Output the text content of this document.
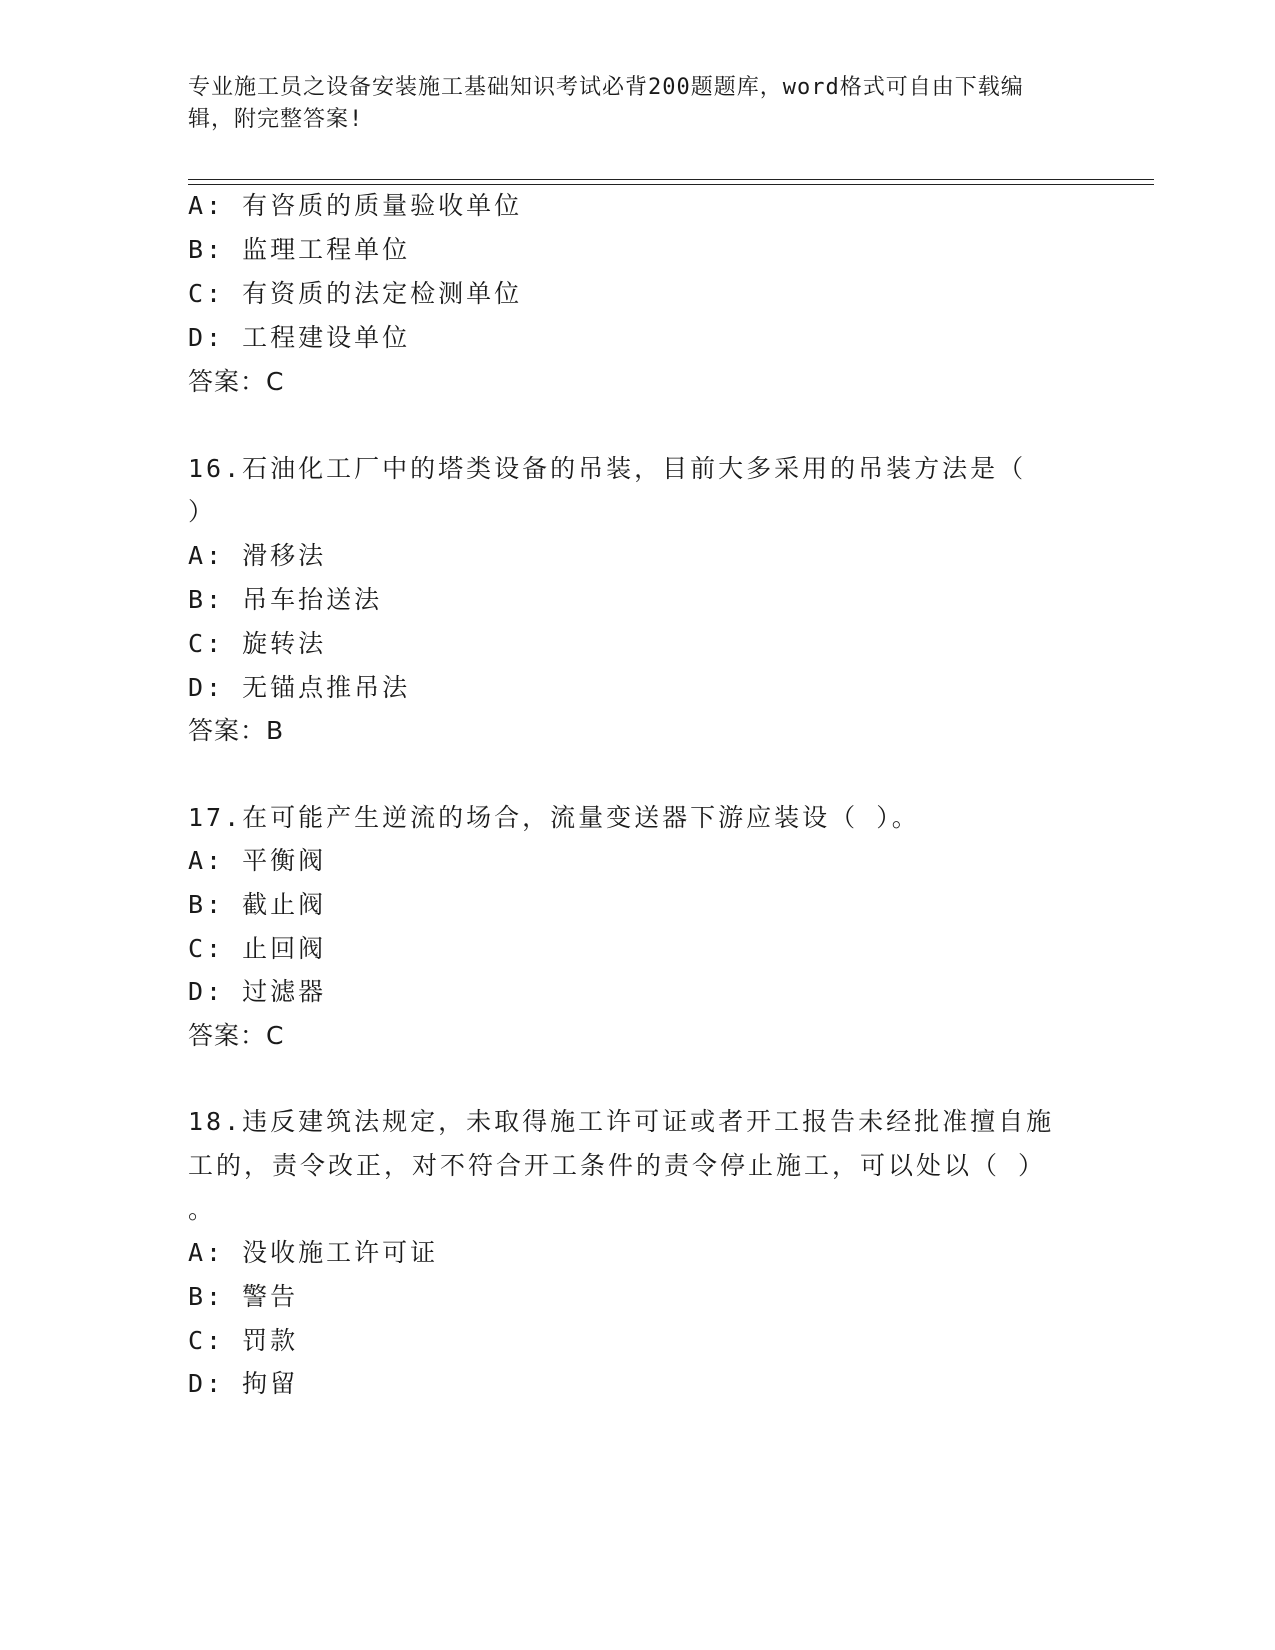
专业施工员之设备安装施工基础知识考试必背200题题库，word格式可自由下载编辑，附完整答案!
A: 有咨质的质量验收单位
B: 监理工程单位
C: 有资质的法定检测单位
D: 工程建设单位
答案：C
16.石油化工厂中的塔类设备的吊装，目前大多采用的吊装方法是（
）
A: 滑移法
B: 吊车抬送法
C: 旋转法
D: 无锚点推吊法
答案：B
17.在可能产生逆流的场合，流量变送器下游应装设（ ）。
A: 平衡阀
B: 截止阀
C: 止回阀
D: 过滤器
答案：C
18.违反建筑法规定，未取得施工许可证或者开工报告未经批准擅自施
工的，责令改正，对不符合开工条件的责令停止施工，可以处以（ ）
。
A: 没收施工许可证
B: 警告
C: 罚款
D: 拘留
